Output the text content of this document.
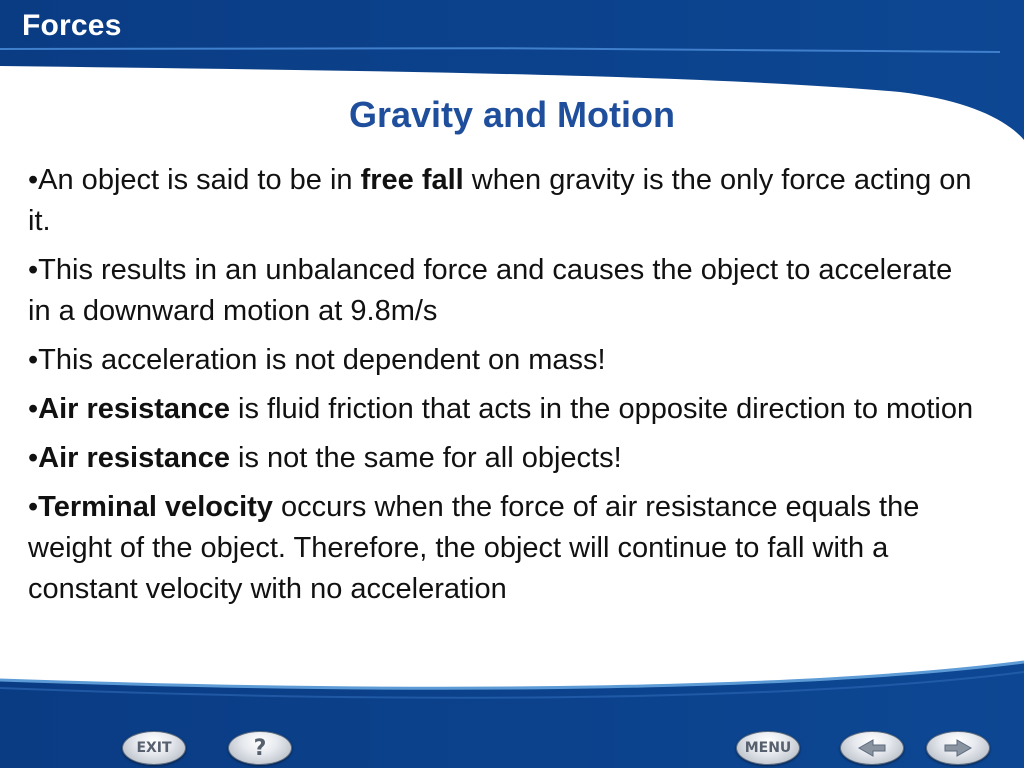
Forces
Gravity and Motion
•An object is said to be in free fall when gravity is the only force acting on it.
•This results in an unbalanced force and causes the object to accelerate in a downward motion at 9.8m/s
•This acceleration is not dependent on mass!
•Air resistance is fluid friction that acts in the opposite direction to motion
•Air resistance is not the same for all objects!
•Terminal velocity occurs when the force of air resistance equals the weight of the object. Therefore, the object will continue to fall with a constant velocity with no acceleration
EXIT	?	MENU
